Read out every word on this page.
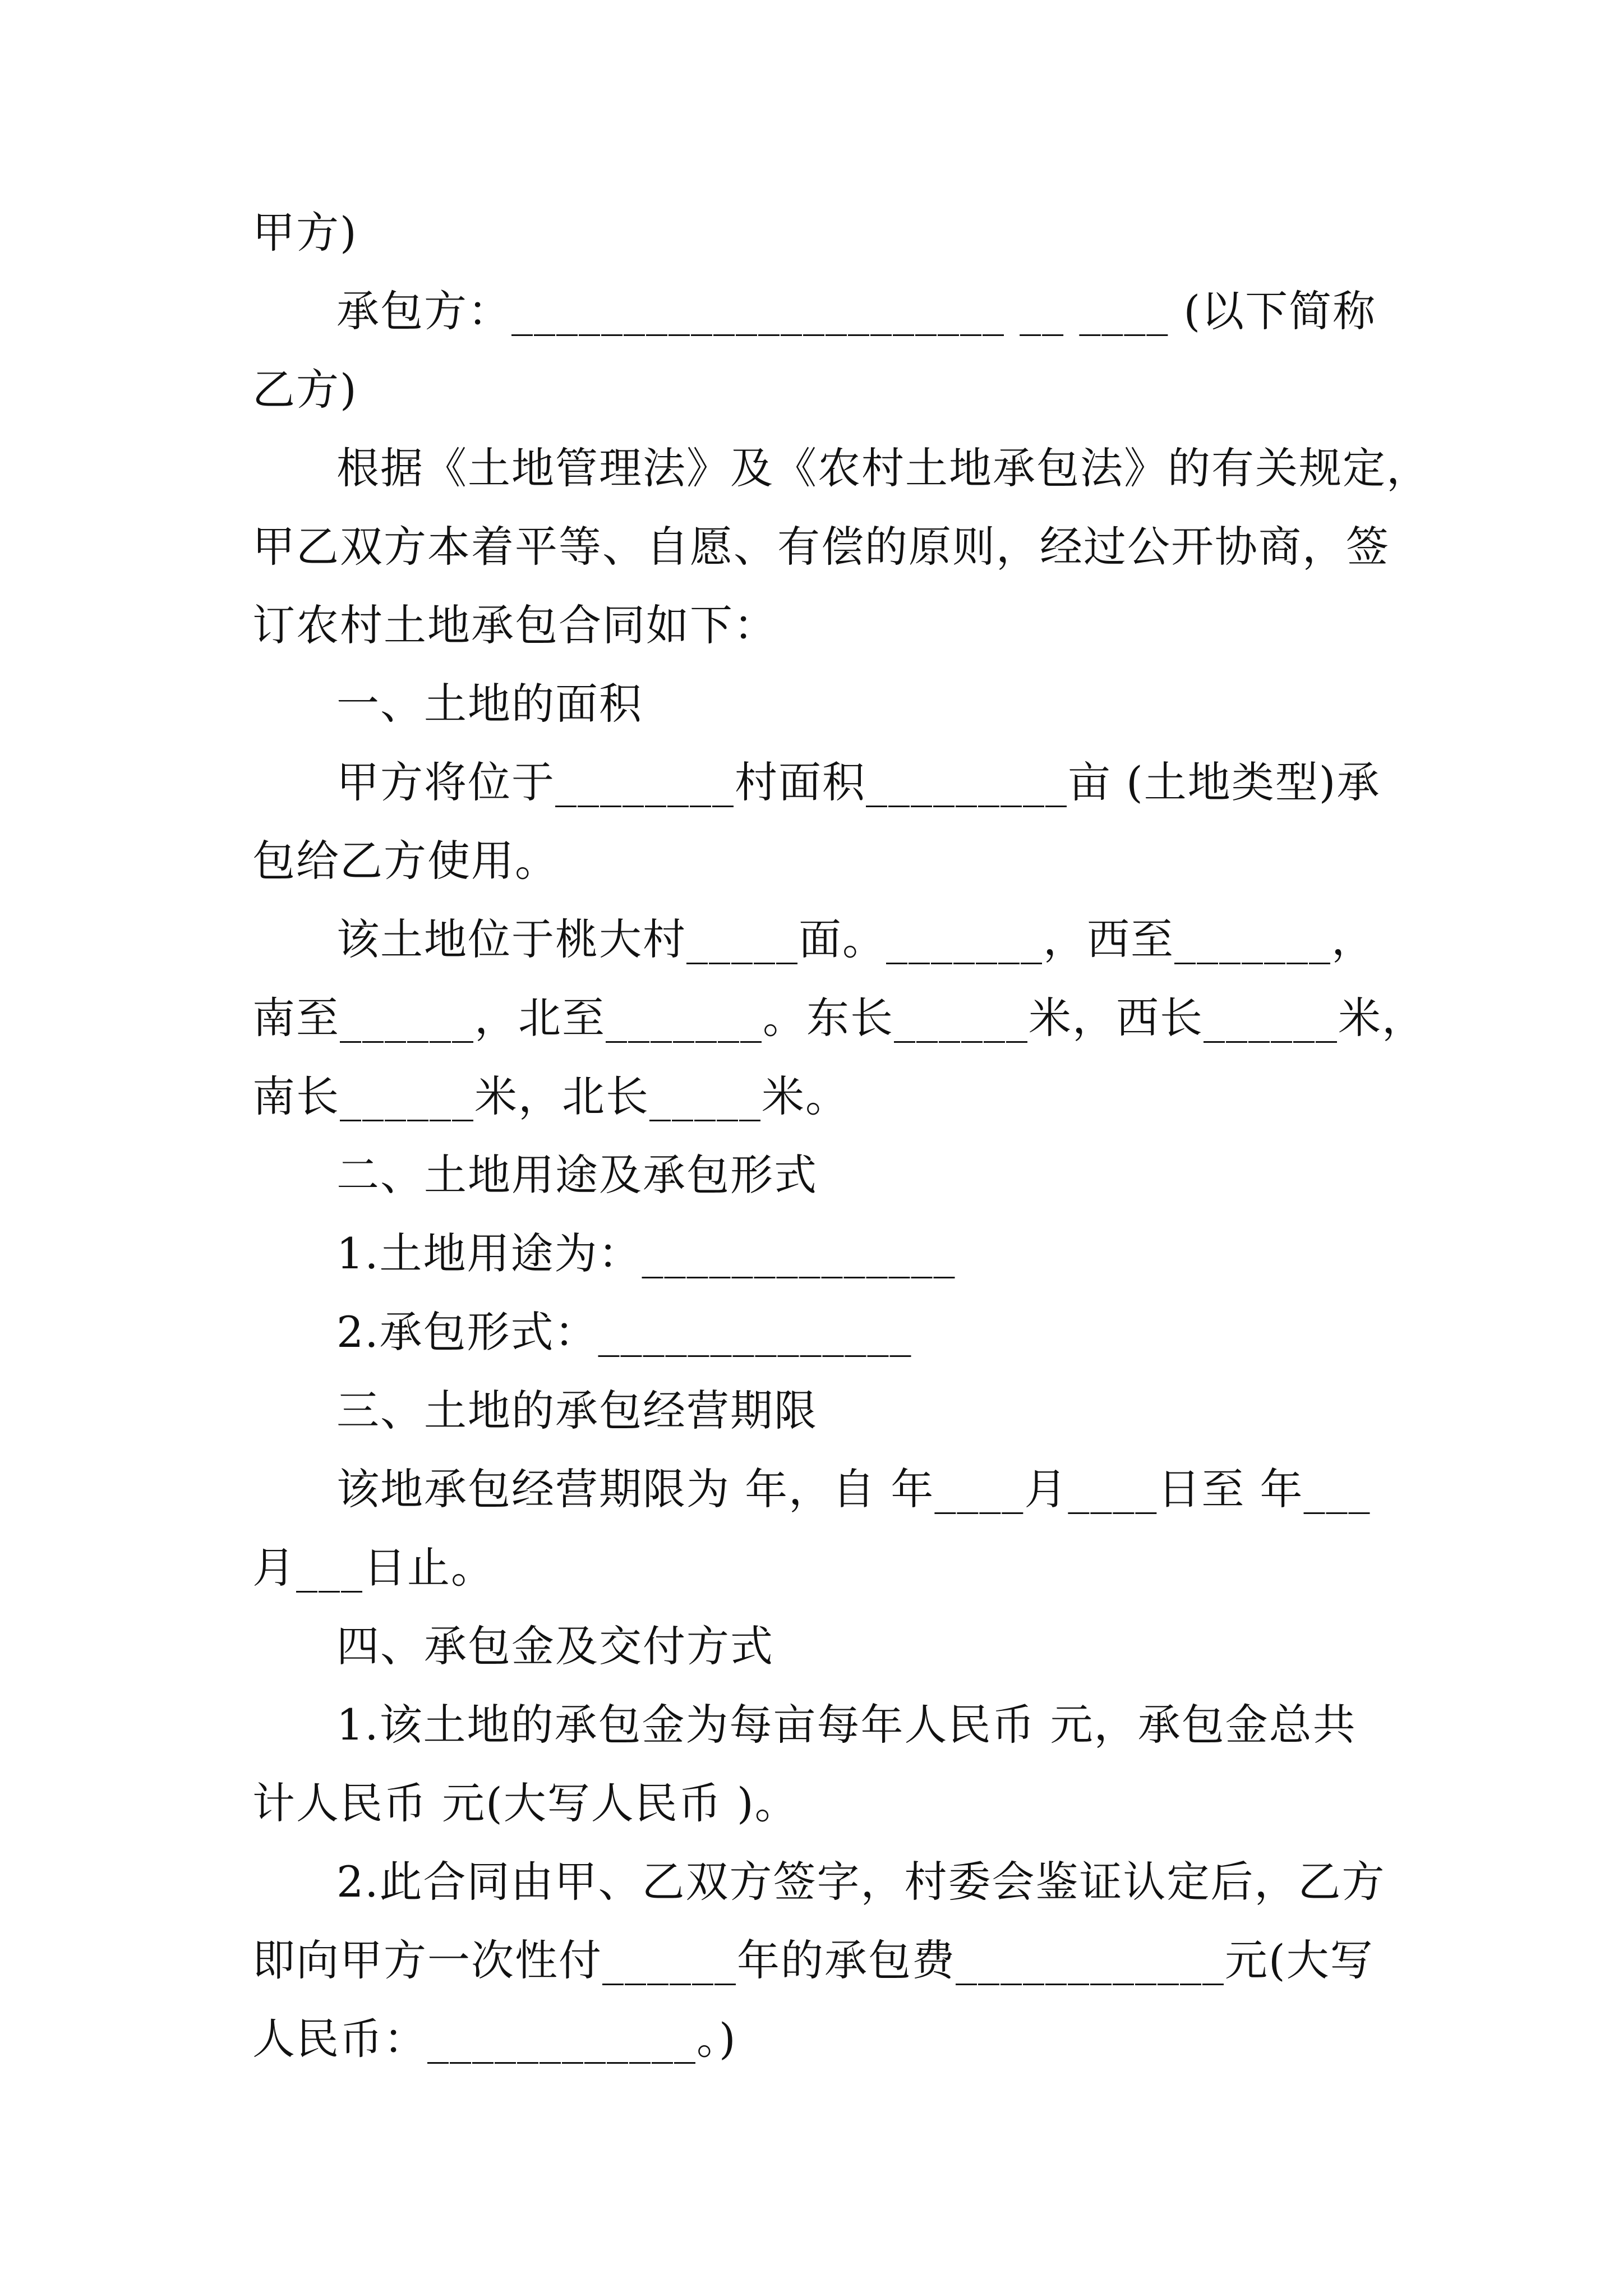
甲方)
承包方：______________________ __ ____ (以下简称
乙方)
根据《土地管理法》及《农村土地承包法》的有关规定，
甲乙双方本着平等、自愿、有偿的原则，经过公开协商，签
订农村土地承包合同如下：
一、土地的面积
甲方将位于________村面积_________亩 (土地类型)承
包给乙方使用。
该土地位于桃大村_____面。_______，西至_______，
南至______，北至_______。东长______米，西长______米，
南长______米，北长_____米。
二、土地用途及承包形式
1.土地用途为：______________
2.承包形式：______________
三、土地的承包经营期限
该地承包经营期限为 年，自 年____月____日至 年___
月___日止。
四、承包金及交付方式
1.该土地的承包金为每亩每年人民币 元，承包金总共
计人民币 元(大写人民币 )。
2.此合同由甲、乙双方签字，村委会鉴证认定后，乙方
即向甲方一次性付______年的承包费____________元(大写
人民币：____________。)
